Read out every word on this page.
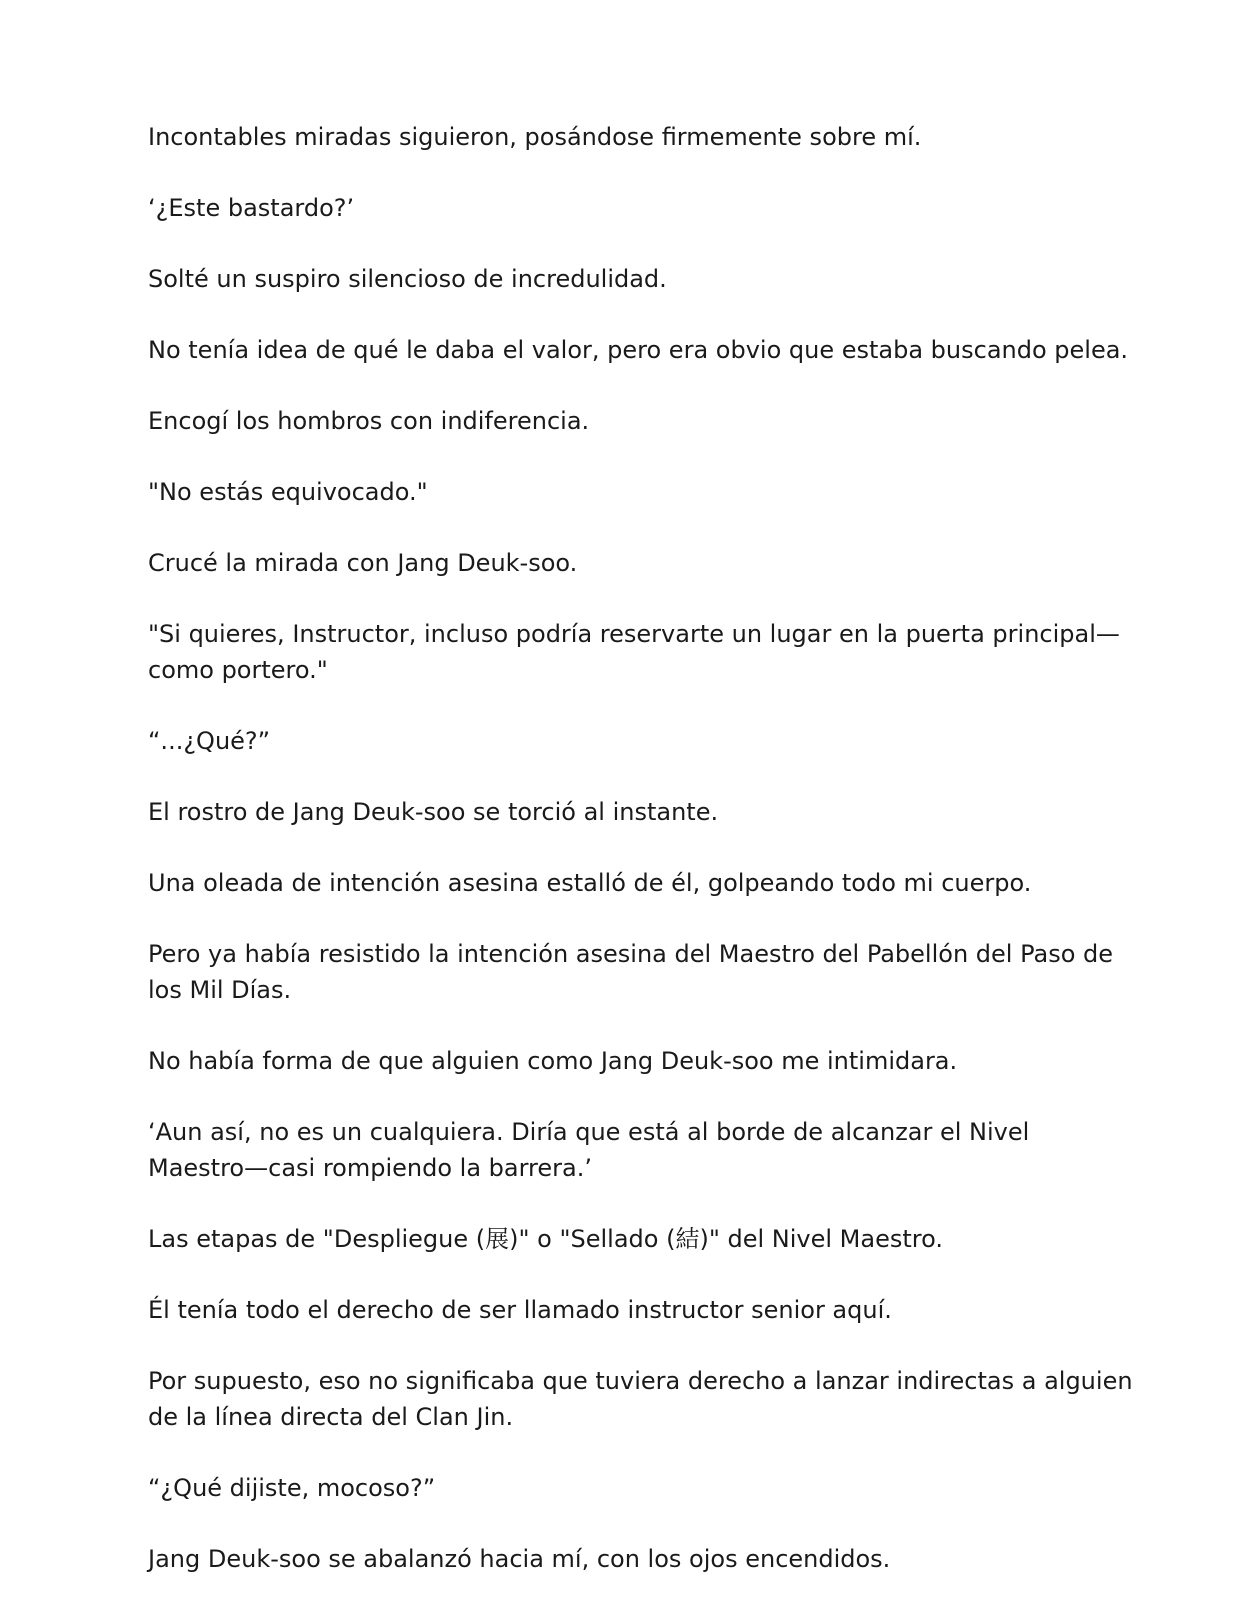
Incontables miradas siguieron, posándose firmemente sobre mí.

‘¿Este bastardo?’

Solté un suspiro silencioso de incredulidad.

No tenía idea de qué le daba el valor, pero era obvio que estaba buscando pelea.

Encogí los hombros con indiferencia.

"No estás equivocado."

Crucé la mirada con Jang Deuk-soo.

"Si quieres, Instructor, incluso podría reservarte un lugar en la puerta principal—como portero."

“...¿Qué?”

El rostro de Jang Deuk-soo se torció al instante.

Una oleada de intención asesina estalló de él, golpeando todo mi cuerpo.

Pero ya había resistido la intención asesina del Maestro del Pabellón del Paso de los Mil Días.

No había forma de que alguien como Jang Deuk-soo me intimidara.

‘Aun así, no es un cualquiera. Diría que está al borde de alcanzar el Nivel Maestro—casi rompiendo la barrera.’

Las etapas de "Despliegue (展)" o "Sellado (結)" del Nivel Maestro.

Él tenía todo el derecho de ser llamado instructor senior aquí.

Por supuesto, eso no significaba que tuviera derecho a lanzar indirectas a alguien de la línea directa del Clan Jin.

“¿Qué dijiste, mocoso?”

Jang Deuk-soo se abalanzó hacia mí, con los ojos encendidos.
